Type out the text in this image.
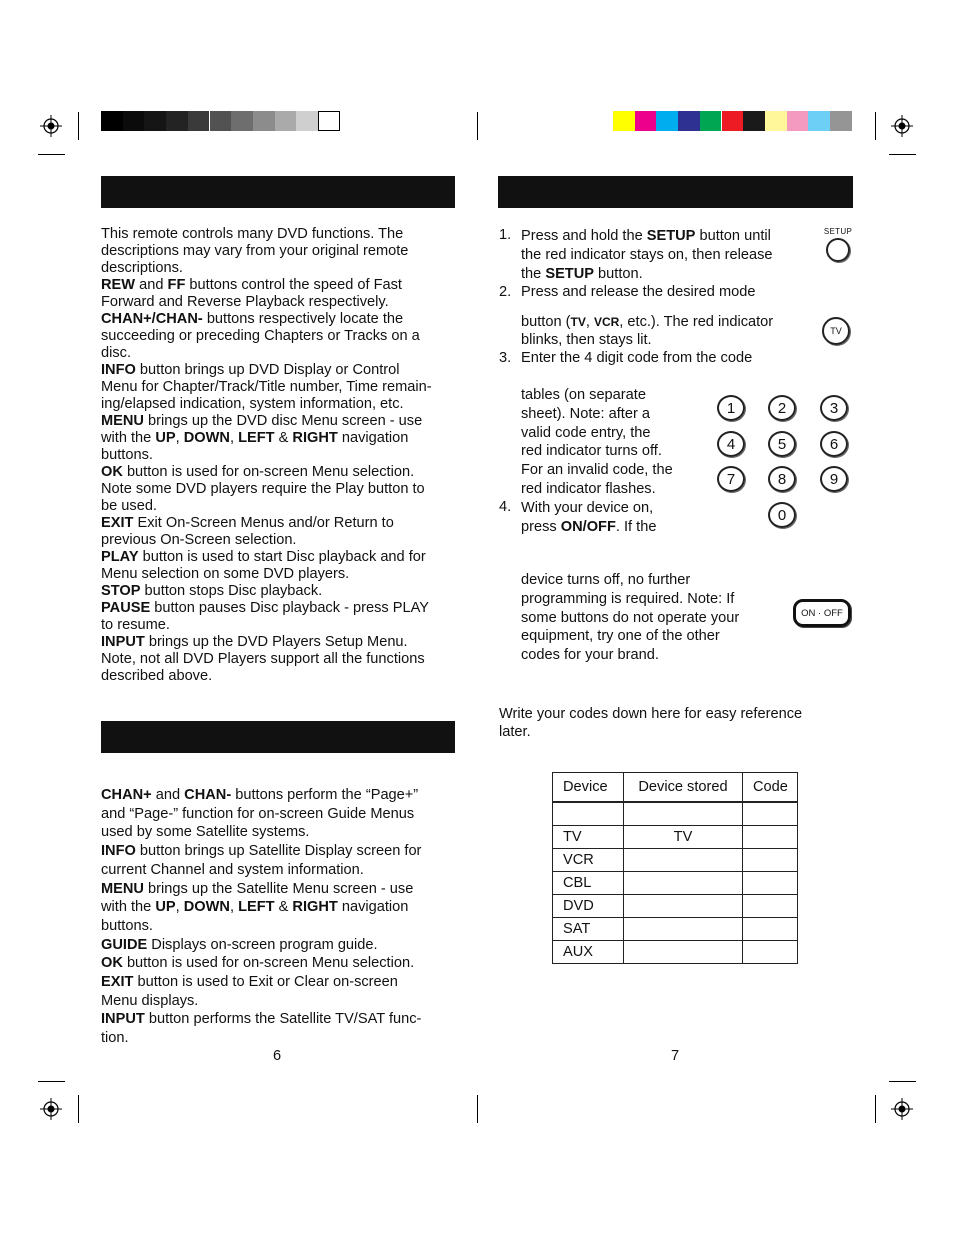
This remote controls many DVD functions. The
descriptions may vary from your original remote
descriptions.
REW and FF buttons control the speed of Fast
Forward and Reverse Playback respectively.
CHAN+/CHAN- buttons respectively locate the
succeeding or preceding Chapters or Tracks on a
disc.
INFO button brings up DVD Display or Control
Menu for Chapter/Track/Title number, Time remain-
ing/elapsed indication, system information, etc.
MENU brings up the DVD disc Menu screen - use
with the UP, DOWN, LEFT & RIGHT navigation
buttons.
OK button is used for on-screen Menu selection.
Note some DVD players require the Play button to
be used.
EXIT Exit On-Screen Menus and/or Return to
previous On-Screen selection.
PLAY button is used to start Disc playback and for
Menu selection on some DVD players.
STOP button stops Disc playback.
PAUSE button pauses Disc playback - press PLAY
to resume.
INPUT brings up the DVD Players Setup Menu.
Note, not all DVD Players support all the functions
described above.
CHAN+ and CHAN- buttons perform the “Page+”
and “Page-” function for on-screen Guide Menus
used by some Satellite systems.
INFO button brings up Satellite Display screen for
current Channel and system information.
MENU brings up the Satellite Menu screen - use
with the UP, DOWN, LEFT & RIGHT navigation
buttons.
GUIDE Displays on-screen program guide.
OK button is used for on-screen Menu selection.
EXIT button is used to Exit or Clear on-screen
Menu displays.
INPUT button performs the Satellite TV/SAT func-
tion.
6
1. Press and hold the SETUP button until
the red indicator stays on, then release
the SETUP button.
2. Press and release the desired mode
button (TV, VCR, etc.). The red indicator
blinks, then stays lit.
3. Enter the 4 digit code from the code
tables (on separate
sheet). Note: after a
valid code entry, the
red indicator turns off.
For an invalid code, the
red indicator flashes.
4. With your device on,
press ON/OFF. If the
device turns off, no further
programming is required. Note: If
some buttons do not operate your
equipment, try one of the other
codes for your brand.
SETUP
TV
1	2	3
4	5	6
7	8	9
0
ON · OFF
Write your codes down here for easy reference
later.
Device	Device stored	Code

TV	TV	
VCR		
CBL		
DVD		
SAT		
AUX		
7
